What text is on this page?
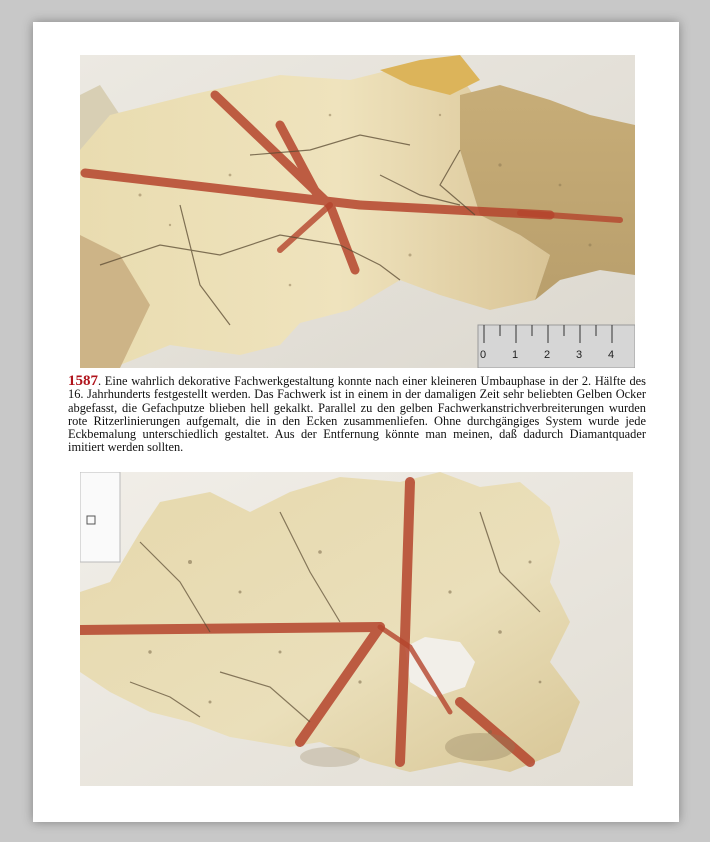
0 1 2 3 4
1587. Eine wahrlich dekorative Fachwerkgestaltung konnte nach einer kleineren Umbauphase in der 2. Hälfte des 16. Jahrhunderts festgestellt werden. Das Fachwerk ist in einem in der damaligen Zeit sehr beliebten Gelben Ocker abgefasst, die Gefachputze blieben hell gekalkt. Parallel zu den gelben Fachwerkanstrichverbreiterungen wurden rote Ritzerlinierungen aufgemalt, die in den Ecken zusammenliefen. Ohne durchgängiges System wurde jede Eckbemalung unterschiedlich gestaltet. Aus der Entfernung könnte man meinen, daß dadurch Diamantquader imitiert werden sollten.
